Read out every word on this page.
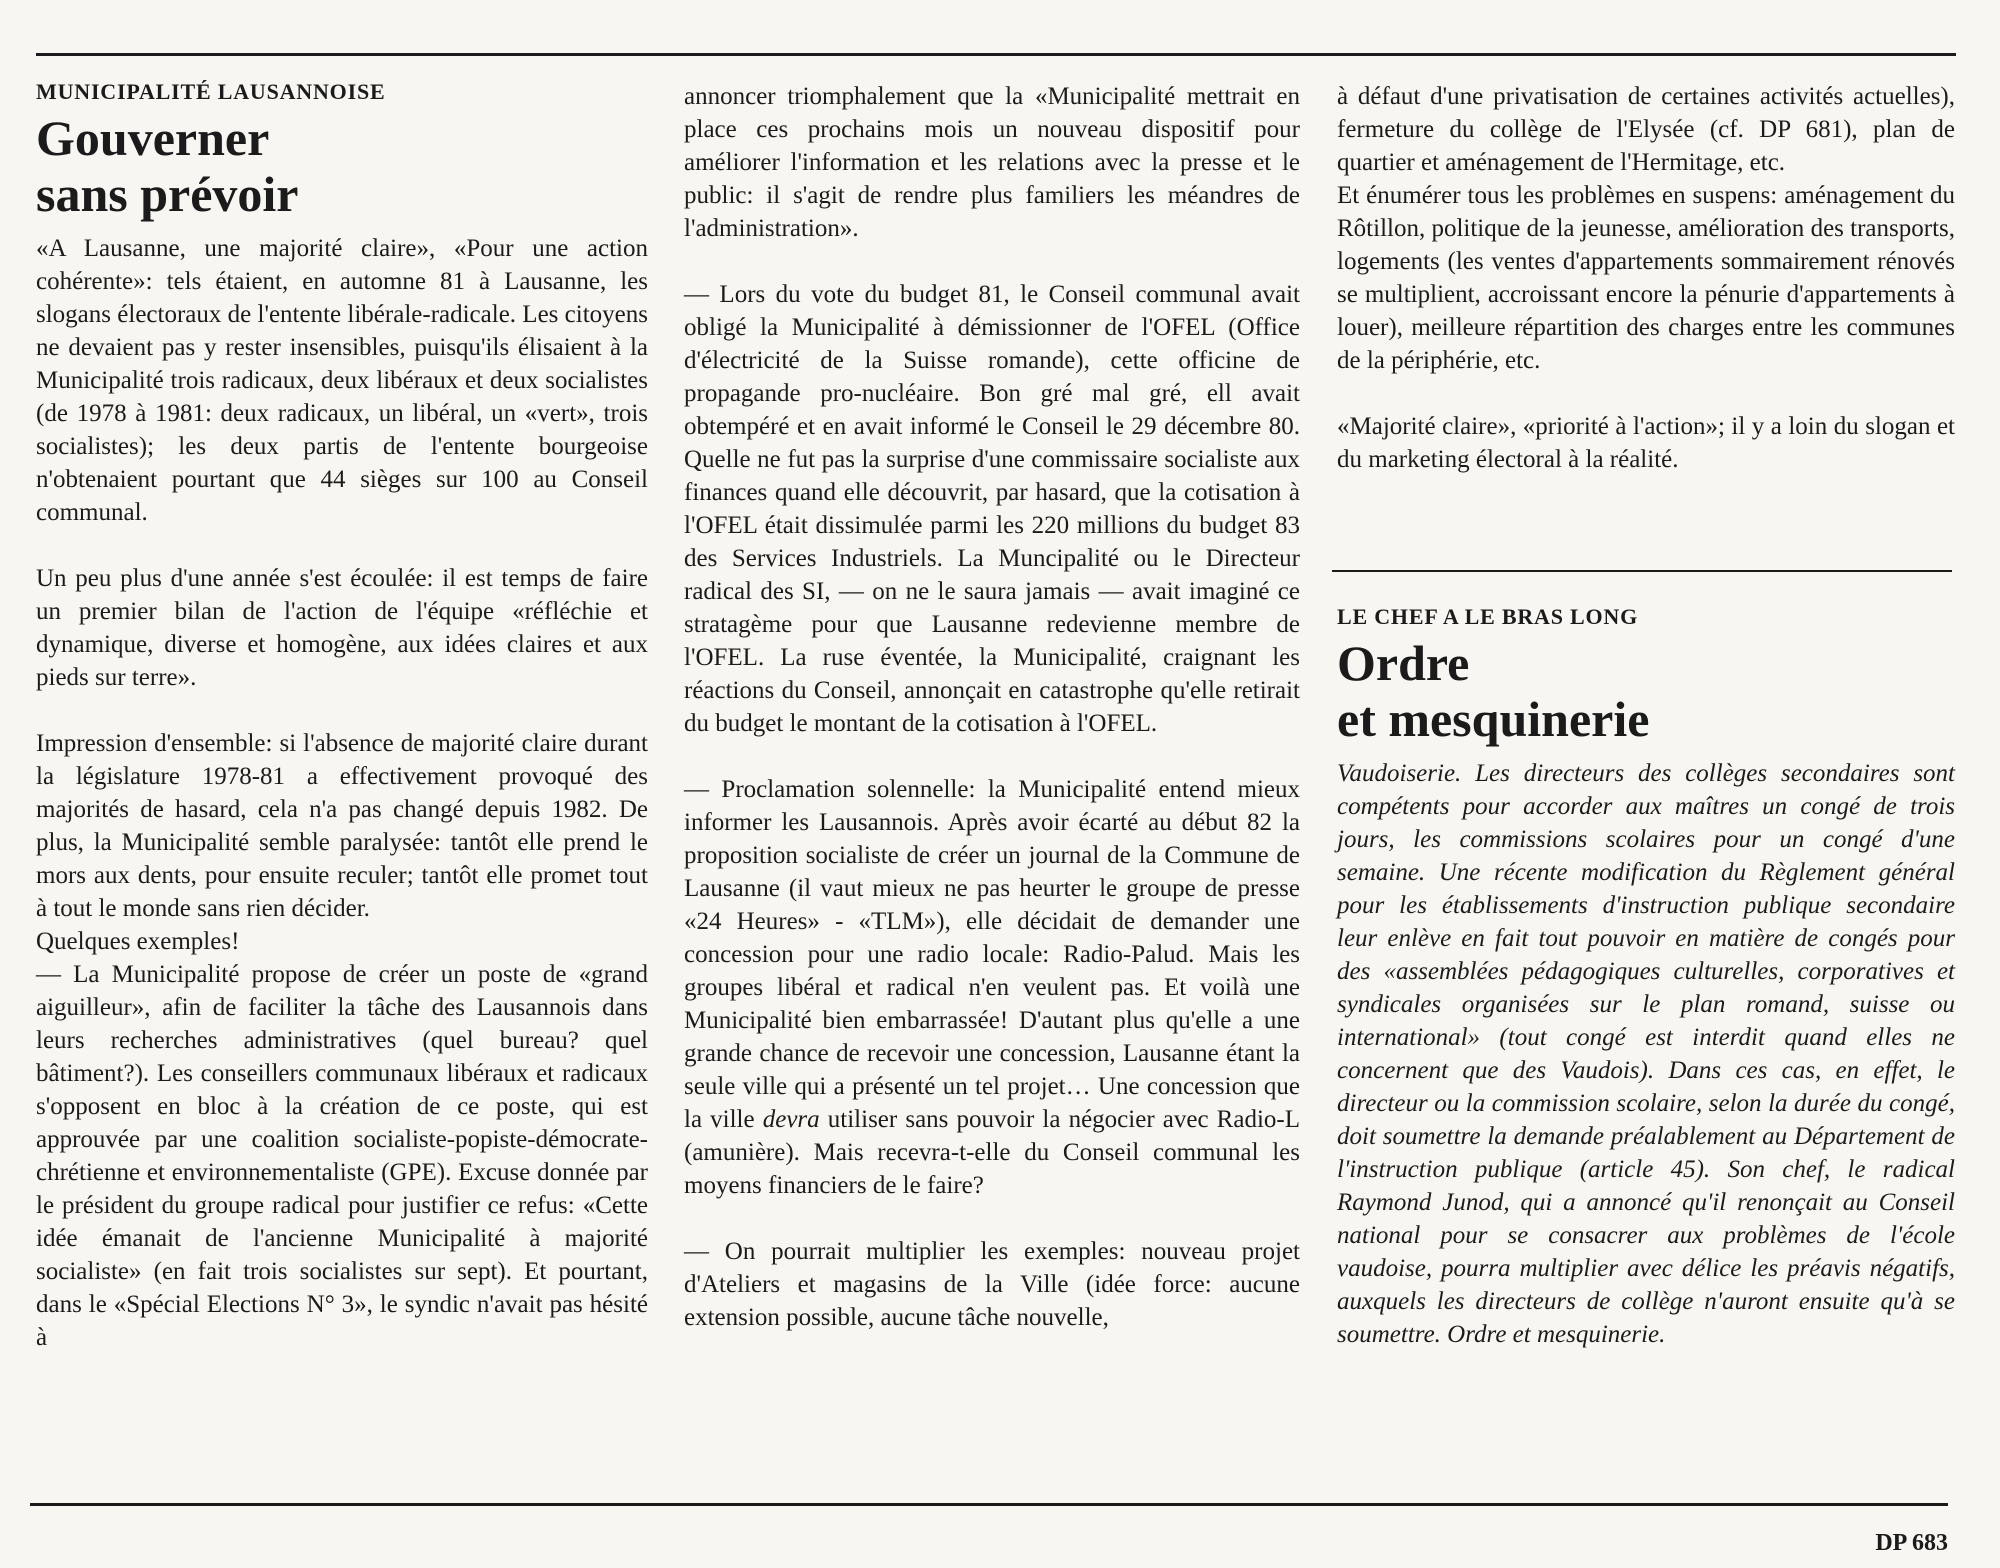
MUNICIPALITÉ LAUSANNOISE
Gouverner
sans prévoir

«A Lausanne, une majorité claire», «Pour une action cohérente»: tels étaient, en automne 81 à Lausanne, les slogans électoraux de l'entente libérale-radicale. Les citoyens ne devaient pas y rester insensibles, puisqu'ils élisaient à la Municipalité trois radicaux, deux libéraux et deux socialistes (de 1978 à 1981: deux radicaux, un libéral, un «vert», trois socialistes); les deux partis de l'entente bourgeoise n'obtenaient pourtant que 44 sièges sur 100 au Conseil communal.

Un peu plus d'une année s'est écoulée: il est temps de faire un premier bilan de l'action de l'équipe «réfléchie et dynamique, diverse et homogène, aux idées claires et aux pieds sur terre».

Impression d'ensemble: si l'absence de majorité claire durant la législature 1978-81 a effectivement provoqué des majorités de hasard, cela n'a pas changé depuis 1982. De plus, la Municipalité semble paralysée: tantôt elle prend le mors aux dents, pour ensuite reculer; tantôt elle promet tout à tout le monde sans rien décider.

Quelques exemples!

— La Municipalité propose de créer un poste de «grand aiguilleur», afin de faciliter la tâche des Lausannois dans leurs recherches administratives (quel bureau? quel bâtiment?). Les conseillers communaux libéraux et radicaux s'opposent en bloc à la création de ce poste, qui est approuvée par une coalition socialiste-popiste-démocrate-chrétienne et environnementaliste (GPE). Excuse donnée par le président du groupe radical pour justifier ce refus: «Cette idée émanait de l'ancienne Municipalité à majorité socialiste» (en fait trois socialistes sur sept). Et pourtant, dans le «Spécial Elections N° 3», le syndic n'avait pas hésité à

annoncer triomphalement que la «Municipalité mettrait en place ces prochains mois un nouveau dispositif pour améliorer l'information et les relations avec la presse et le public: il s'agit de rendre plus familiers les méandres de l'administration».

— Lors du vote du budget 81, le Conseil communal avait obligé la Municipalité à démissionner de l'OFEL (Office d'électricité de la Suisse romande), cette officine de propagande pro-nucléaire. Bon gré mal gré, ell avait obtempéré et en avait informé le Conseil le 29 décembre 80. Quelle ne fut pas la surprise d'une commissaire socialiste aux finances quand elle découvrit, par hasard, que la cotisation à l'OFEL était dissimulée parmi les 220 millions du budget 83 des Services Industriels. La Muncipalité ou le Directeur radical des SI, — on ne le saura jamais — avait imaginé ce stratagème pour que Lausanne redevienne membre de l'OFEL. La ruse éventée, la Municipalité, craignant les réactions du Conseil, annonçait en catastrophe qu'elle retirait du budget le montant de la cotisation à l'OFEL.

— Proclamation solennelle: la Municipalité entend mieux informer les Lausannois. Après avoir écarté au début 82 la proposition socialiste de créer un journal de la Commune de Lausanne (il vaut mieux ne pas heurter le groupe de presse «24 Heures» - «TLM»), elle décidait de demander une concession pour une radio locale: Radio-Palud. Mais les groupes libéral et radical n'en veulent pas. Et voilà une Municipalité bien embarrassée! D'autant plus qu'elle a une grande chance de recevoir une concession, Lausanne étant la seule ville qui a présenté un tel projet… Une concession que la ville devra utiliser sans pouvoir la négocier avec Radio-L (amunière). Mais recevra-t-elle du Conseil communal les moyens financiers de le faire?

— On pourrait multiplier les exemples: nouveau projet d'Ateliers et magasins de la Ville (idée force: aucune extension possible, aucune tâche nouvelle,

à défaut d'une privatisation de certaines activités actuelles), fermeture du collège de l'Elysée (cf. DP 681), plan de quartier et aménagement de l'Hermitage, etc.

Et énumérer tous les problèmes en suspens: aménagement du Rôtillon, politique de la jeunesse, amélioration des transports, logements (les ventes d'appartements sommairement rénovés se multiplient, accroissant encore la pénurie d'appartements à louer), meilleure répartition des charges entre les communes de la périphérie, etc.

«Majorité claire», «priorité à l'action»; il y a loin du slogan et du marketing électoral à la réalité.

LE CHEF A LE BRAS LONG
Ordre
et mesquinerie

Vaudoiserie. Les directeurs des collèges secondaires sont compétents pour accorder aux maîtres un congé de trois jours, les commissions scolaires pour un congé d'une semaine. Une récente modification du Règlement général pour les établissements d'instruction publique secondaire leur enlève en fait tout pouvoir en matière de congés pour des «assemblées pédagogiques culturelles, corporatives et syndicales organisées sur le plan romand, suisse ou international» (tout congé est interdit quand elles ne concernent que des Vaudois). Dans ces cas, en effet, le directeur ou la commission scolaire, selon la durée du congé, doit soumettre la demande préalablement au Département de l'instruction publique (article 45). Son chef, le radical Raymond Junod, qui a annoncé qu'il renonçait au Conseil national pour se consacrer aux problèmes de l'école vaudoise, pourra multiplier avec délice les préavis négatifs, auxquels les directeurs de collège n'auront ensuite qu'à se soumettre. Ordre et mesquinerie.

DP 683
